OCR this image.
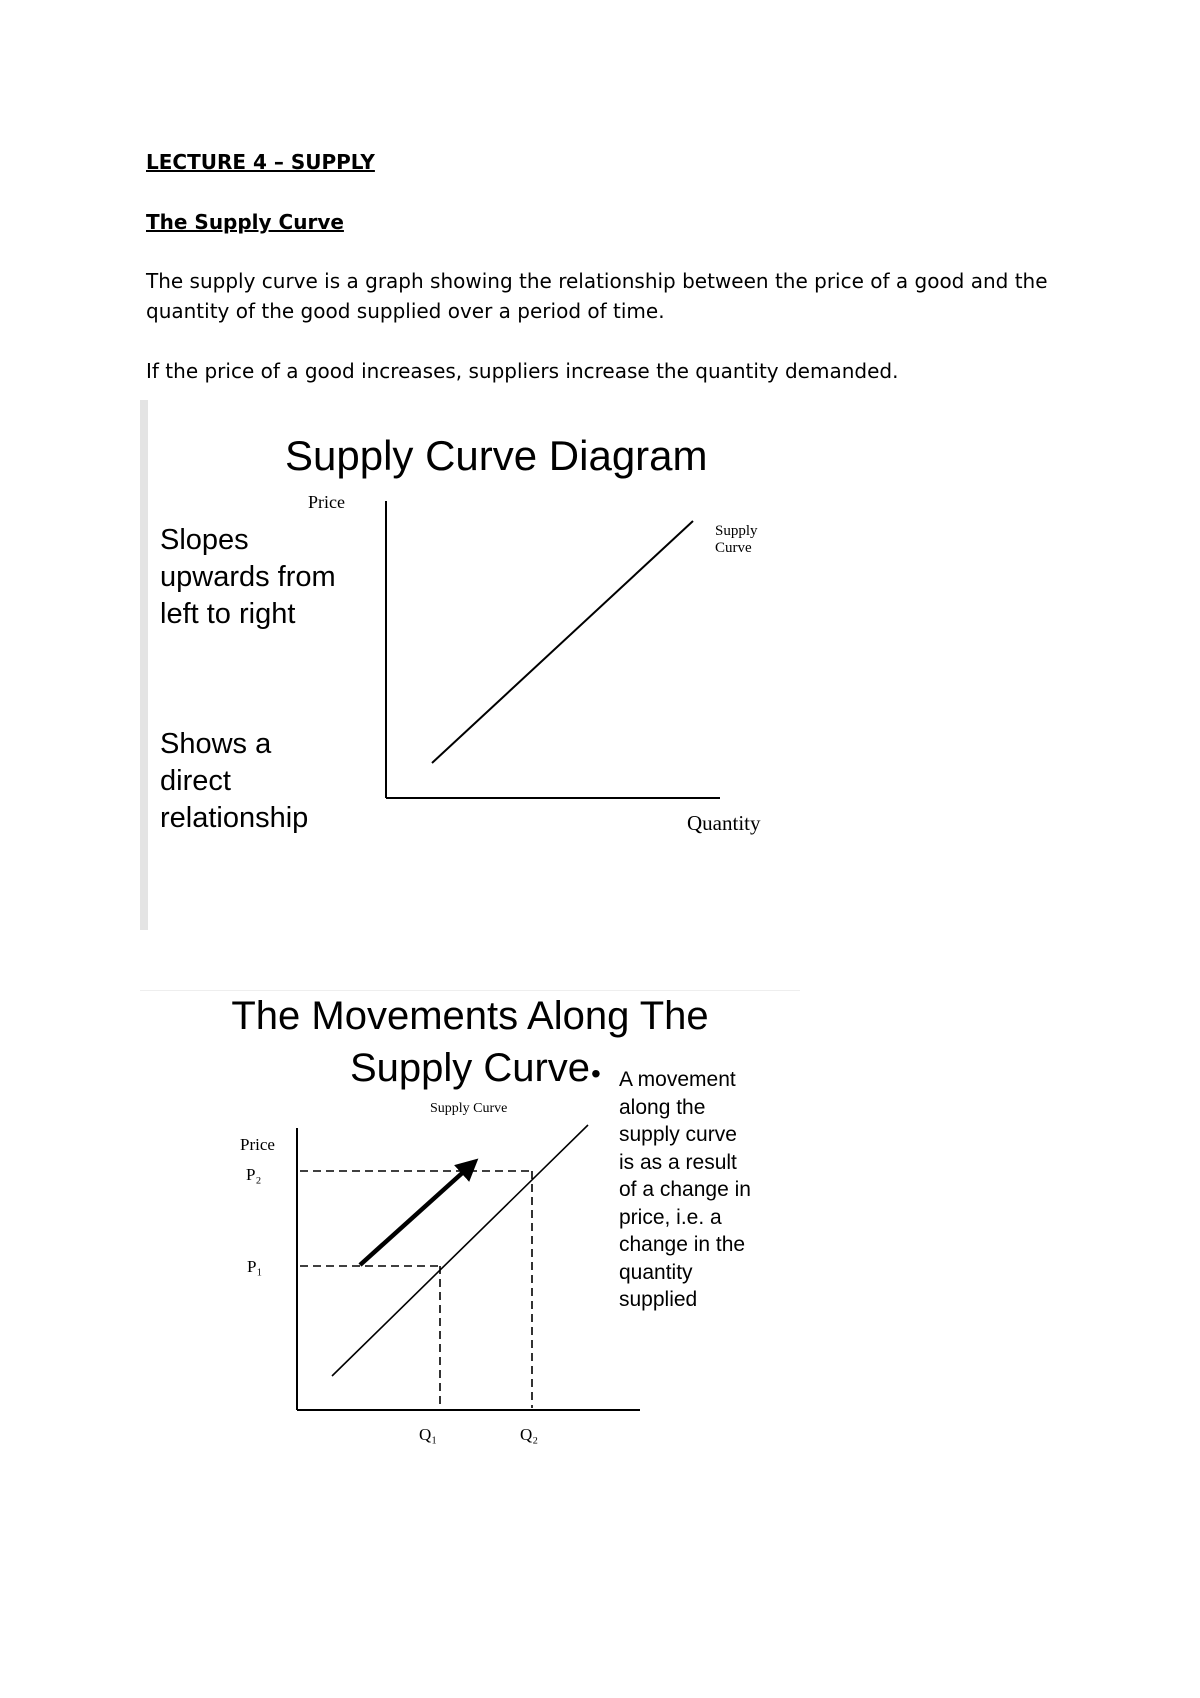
LECTURE 4 – SUPPLY
The Supply Curve
The supply curve is a graph showing the relationship between the price of a good and the quantity of the good supplied over a period of time.
If the price of a good increases, suppliers increase the quantity demanded.
Supply Curve Diagram
Slopes upwards from left to right
Shows a direct relationship
Price
Quantity
Supply
Curve
The Movements Along The
Supply Curve • A movement along the supply curve is as a result of a change in price, i.e. a change in the quantity supplied
Supply Curve
Price
P₂
P₁
Q₁	Q₂
